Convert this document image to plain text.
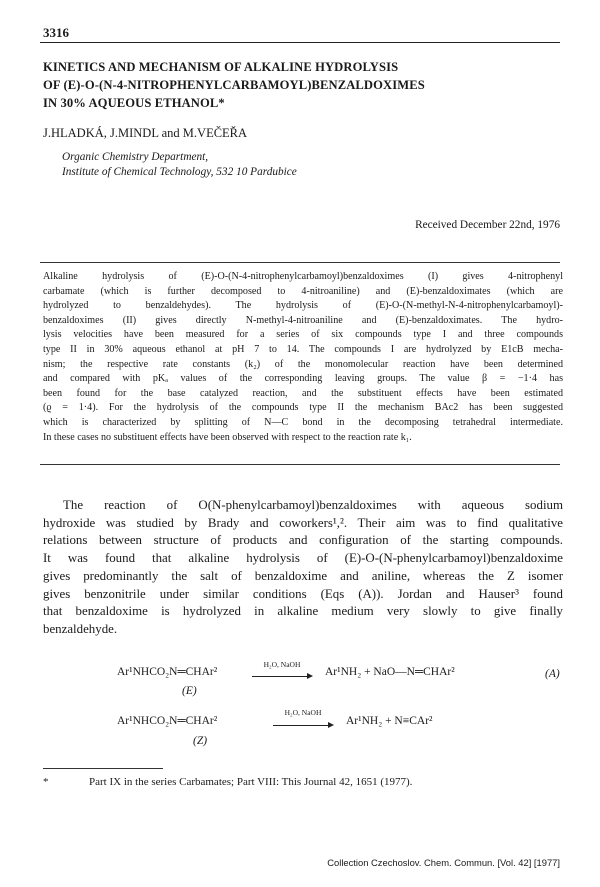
3316
KINETICS AND MECHANISM OF ALKALINE HYDROLYSIS
OF (E)-O-(N-4-NITROPHENYLCARBAMOYL)BENZALDOXIMES
IN 30% AQUEOUS ETHANOL*
J.HLADKÁ, J.MINDL and M.VEČEŘA
Organic Chemistry Department,
Institute of Chemical Technology, 532 10 Pardubice
Received December 22nd, 1976
Alkaline hydrolysis of (E)-O-(N-4-nitrophenylcarbamoyl)benzaldoximes (I) gives 4-nitrophenyl
carbamate (which is further decomposed to 4-nitroaniline) and (E)-benzaldoximates (which are
hydrolyzed to benzaldehydes). The hydrolysis of (E)-O-(N-methyl-N-4-nitrophenylcarbamoyl)-
benzaldoximes (II) gives directly N-methyl-4-nitroaniline and (E)-benzaldoximates. The hydro-
lysis velocities have been measured for a series of six compounds type I and three compounds
type II in 30% aqueous ethanol at pH 7 to 14. The compounds I are hydrolyzed by E1cB mecha-
nism; the respective rate constants (k₂) of the monomolecular reaction have been determined
and compared with pKₐ values of the corresponding leaving groups. The value β = −1·4 has
been found for the base catalyzed reaction, and the substituent effects have been estimated
(ϱ = 1·4). For the hydrolysis of the compounds type II the mechanism BAc2 has been suggested
which is characterized by splitting of N—C bond in the decomposing tetrahedral intermediate.
In these cases no substituent effects have been observed with respect to the reaction rate k₁.
The reaction of O(N-phenylcarbamoyl)benzaldoximes with aqueous sodium
hydroxide was studied by Brady and coworkers¹,². Their aim was to find qualitative
relations between structure of products and configuration of the starting compounds.
It was found that alkaline hydrolysis of (E)-O-(N-phenylcarbamoyl)benzaldoxime
gives predominantly the salt of benzaldoxime and aniline, whereas the Z isomer
gives benzonitrile under similar conditions (Eqs (A)). Jordan and Hauser³ found
that benzaldoxime is hydrolyzed in alkaline medium very slowly to give finally
benzaldehyde.
Ar¹NHCO₂N═CHAr²
H₂O, NaOH
Ar¹NH₂ + NaO—N═CHAr²
(E)
(A)
Ar¹NHCO₂N═CHAr²
H₂O, NaOH
Ar¹NH₂ + N≡CAr²
(Z)
*	Part IX in the series Carbamates; Part VIII: This Journal 42, 1651 (1977).
Collection Czechoslov. Chem. Commun. [Vol. 42] [1977]
